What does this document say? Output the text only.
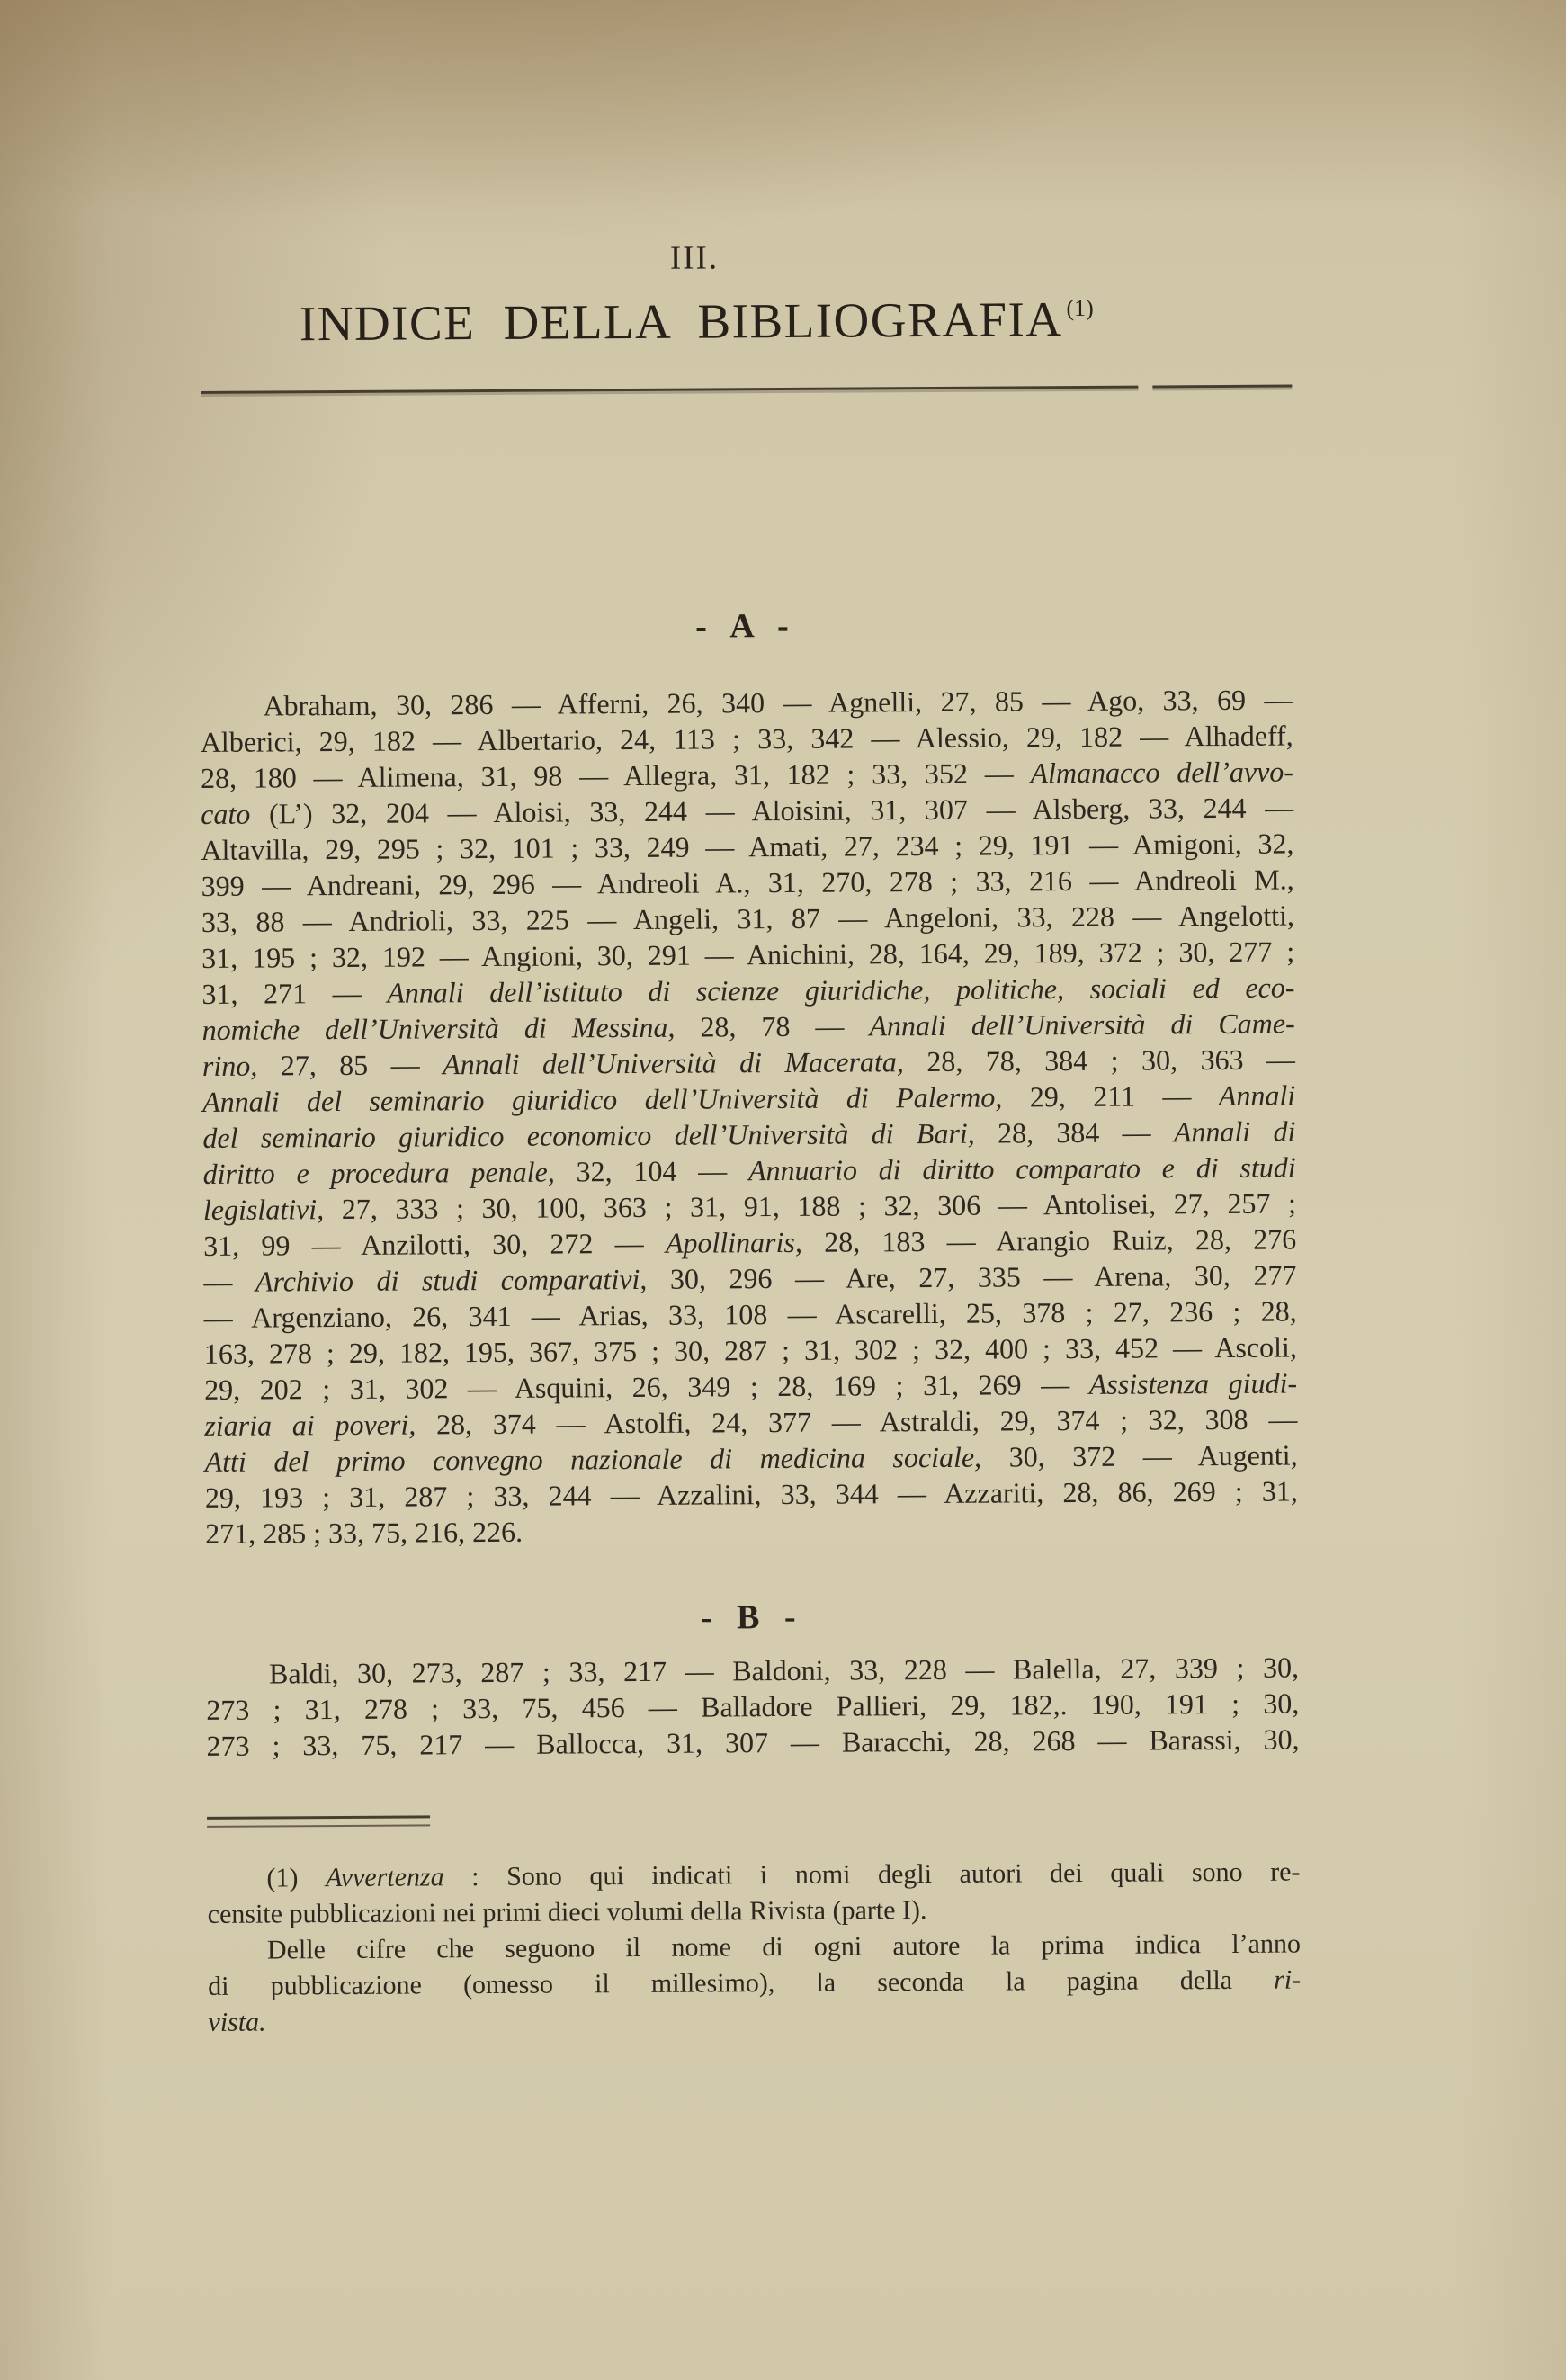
III.
INDICE DELLA BIBLIOGRAFIA $^{(1)}$
- A -
Abraham, 30, 286 — Afferni, 26, 340 — Agnelli, 27, 85 — Ago, 33, 69 —
Alberici, 29, 182 — Albertario, 24, 113 ; 33, 342 — Alessio, 29, 182 — Alhadeff,
28, 180 — Alimena, 31, 98 — Allegra, 31, 182 ; 33, 352 — Almanacco dell’avvo-
cato (L’) 32, 204 — Aloisi, 33, 244 — Aloisini, 31, 307 — Alsberg, 33, 244 —
Altavilla, 29, 295 ; 32, 101 ; 33, 249 — Amati, 27, 234 ; 29, 191 — Amigoni, 32,
399 — Andreani, 29, 296 — Andreoli A., 31, 270, 278 ; 33, 216 — Andreoli M.,
33, 88 — Andrioli, 33, 225 — Angeli, 31, 87 — Angeloni, 33, 228 — Angelotti,
31, 195 ; 32, 192 — Angioni, 30, 291 — Anichini, 28, 164, 29, 189, 372 ; 30, 277 ;
31, 271 — Annali dell’istituto di scienze giuridiche, politiche, sociali ed eco-
nomiche dell’Università di Messina, 28, 78 — Annali dell’Università di Came-
rino, 27, 85 — Annali dell’Università di Macerata, 28, 78, 384 ; 30, 363 —
Annali del seminario giuridico dell’Università di Palermo, 29, 211 — Annali
del seminario giuridico economico dell’Università di Bari, 28, 384 — Annali di
diritto e procedura penale, 32, 104 — Annuario di diritto comparato e di studi
legislativi, 27, 333 ; 30, 100, 363 ; 31, 91, 188 ; 32, 306 — Antolisei, 27, 257 ;
31, 99 — Anzilotti, 30, 272 — Apollinaris, 28, 183 — Arangio Ruiz, 28, 276
— Archivio di studi comparativi, 30, 296 — Are, 27, 335 — Arena, 30, 277
— Argenziano, 26, 341 — Arias, 33, 108 — Ascarelli, 25, 378 ; 27, 236 ; 28,
163, 278 ; 29, 182, 195, 367, 375 ; 30, 287 ; 31, 302 ; 32, 400 ; 33, 452 — Ascoli,
29, 202 ; 31, 302 — Asquini, 26, 349 ; 28, 169 ; 31, 269 — Assistenza giudi-
ziaria ai poveri, 28, 374 — Astolfi, 24, 377 — Astraldi, 29, 374 ; 32, 308 —
Atti del primo convegno nazionale di medicina sociale, 30, 372 — Augenti,
29, 193 ; 31, 287 ; 33, 244 — Azzalini, 33, 344 — Azzariti, 28, 86, 269 ; 31,
271, 285 ; 33, 75, 216, 226.
- B -
Baldi, 30, 273, 287 ; 33, 217 — Baldoni, 33, 228 — Balella, 27, 339 ; 30,
273 ; 31, 278 ; 33, 75, 456 — Balladore Pallieri, 29, 182,. 190, 191 ; 30,
273 ; 33, 75, 217 — Ballocca, 31, 307 — Baracchi, 28, 268 — Barassi, 30,
(1) Avvertenza : Sono qui indicati i nomi degli autori dei quali sono re-
censite pubblicazioni nei primi dieci volumi della Rivista (parte I).
Delle cifre che seguono il nome di ogni autore la prima indica l’anno
di pubblicazione (omesso il millesimo), la seconda la pagina della ri-
vista.
